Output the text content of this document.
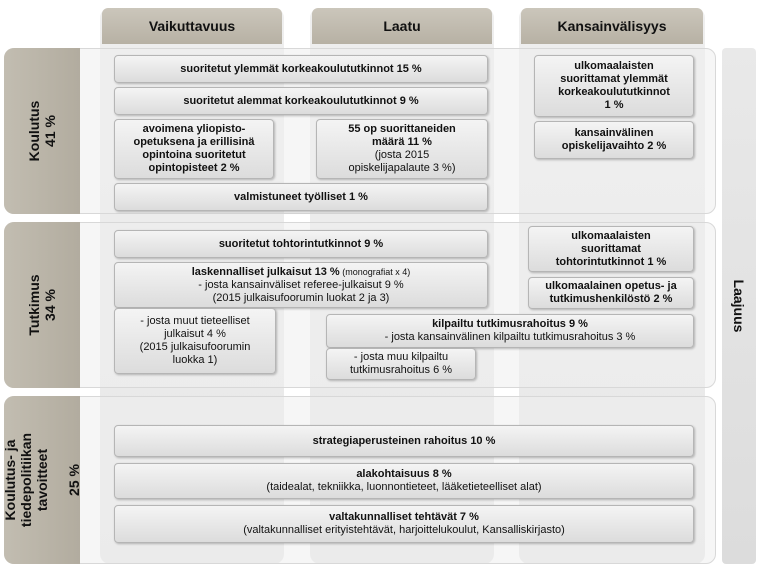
Vaikuttavuus	Laatu	Kansainvälisyys
Laajuus
Koulutus 41 %
Tutkimus 34 %
Koulutus- ja tiedepolitiikan tavoitteet
25 %
suoritetut ylemmät korkeakoulututkinnot 15 %
suoritetut alemmat korkeakoulututkinnot 9 %
avoimena yliopisto-
opetuksena ja erillisinä
opintoina suoritetut
opintopisteet 2 %
55 op suorittaneiden
määrä 11 %
(josta 2015
opiskelijapalaute 3 %)
valmistuneet työlliset 1 %
ulkomaalaisten
suorittamat ylemmät
korkeakoulututkinnot
1 %
kansainvälinen
opiskelijavaihto 2 %
suoritetut tohtorintutkinnot 9 %
laskennalliset julkaisut 13 % (monografiat x 4)
- josta kansainväliset referee-julkaisut 9 %
(2015 julkaisufoorumin luokat 2 ja 3)
- josta muut tieteelliset
julkaisut 4 %
(2015 julkaisufoorumin
luokka 1)
kilpailtu tutkimusrahoitus 9 %
- josta kansainvälinen kilpailtu tutkimusrahoitus 3 %
- josta muu kilpailtu
tutkimusrahoitus 6 %
ulkomaalaisten
suorittamat
tohtorintutkinnot 1 %
ulkomaalainen opetus- ja
tutkimushenkilöstö 2 %
strategiaperusteinen rahoitus 10 %
alakohtaisuus 8 %
(taidealat, tekniikka, luonnontieteet, lääketieteelliset alat)
valtakunnalliset tehtävät 7 %
(valtakunnalliset erityistehtävät, harjoittelukoulut, Kansalliskirjasto)
